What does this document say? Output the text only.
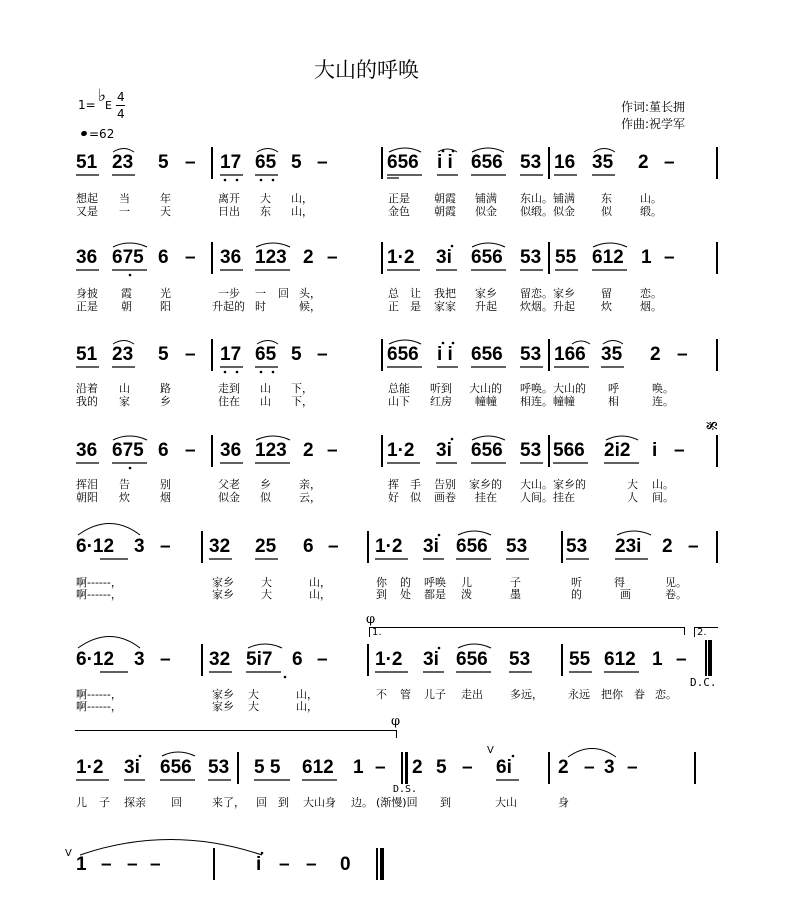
大山的呼唤
1= ♭
E
4
4
=62
作词:堇长拥
作曲:祝学军
51 23 5 – 17 65 5 –	656 i i 656 53 16 35 2 –
想起 当	年	离开 大 山，	正是 朝霞 铺满 东山。铺满 东	山。
又是 一	天	日出 东 山，	金色 朝霞 似金 似缎。似金 似	缎。
36 675 6 – 36 123 2 –	1·2 3i 656 53 55 612 1 –
身披 霞	光	一步 一 回 头，	总 让 我把 家乡 留恋。家乡 留	恋。
正是 朝	阳	升起的 时	候，	正 是 家家 升起 炊烟。升起 炊	烟。
51 23 5 – 17 65 5 –	656 i i 656 53 166 35 2 –
沿着 山	路	走到 山 下，	总能 听到 大山的 呼唤。大山的 呼	唤。
我的 家	乡	住在 山 下，	山下 红房 幢幢 相连。幢幢	相	连。
36 675 6 – 36 123 2 –	1·2 3i 656 53 566 2i2 i –
𝄋
挥泪 告	别	父老 乡	亲，	挥 手 告别 家乡的 大山。家乡的	大 山。
朝阳 炊	烟	似金 似	云，	好 似 画卷 挂在 人间。挂在	人 间。
6·12 3 – 32 25 6 – 1·2 3i 656 53 53 23i 2 –
啊------，	家乡 大	山，	你 的 呼唤 儿	子	听	得	见。
啊------，	家乡 大	山，	到 处 都是 泼	墨	的	画	卷。
φ
1.	2.
6·12 3 – 32 5i7 6 – 1·2 3i 656 53 55 612 1 –
D.C.
啊------，	家乡 大	山，	不 管 儿子 走出 多远， 永远 把你 眷 恋。
啊------，	家乡 大	山，
φ
1·2 3i 656 53 5 5 612 1 – 2 5 –
V
6i 2 – 3 –
D.S.
儿 子 探亲 回	来了， 回 到 大山身 边。 (渐慢)回 到	大山	身
V
1 – – –	i – – 0
